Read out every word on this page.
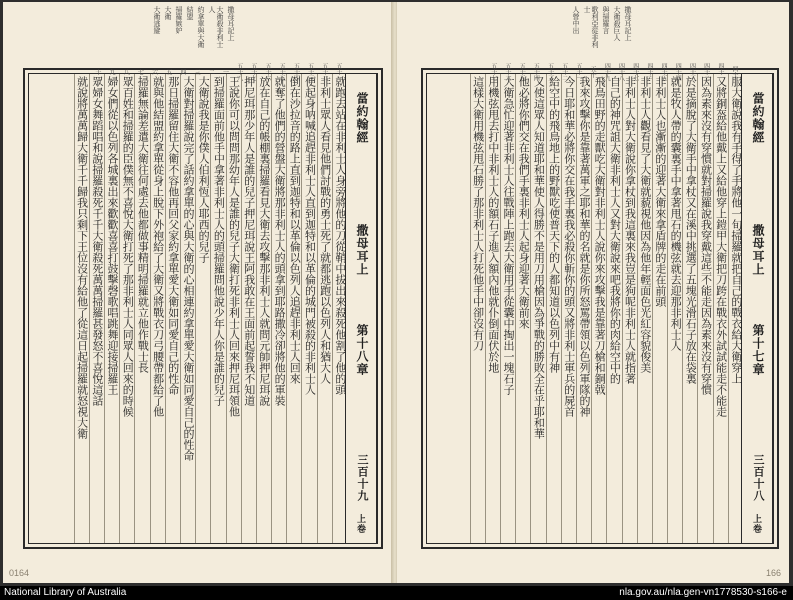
撒母耳記上
大衛殺非利士人
約拿單與大衛
結盟
掃羅嫉妒
大衛
大衛逃避
五十一
五十二
五十三
五十四
五十五
五十六
五十七
五十八
一
二
三
四
五
六
七
八
九
十
當約翰經
撒母耳上
第十八章
三百十九
上卷
就跑去站在非利士人身旁將他的刀從鞘中拔出來殺死他割了他的頭
非利士眾人看見他們討戰的勇士死了就都逃跑以色列人和猶大人
便起身呐喊追趕非利士人直到迦特和以革倫的城門被殺的非利士人
倒在沙拉音的路上直到迦特和以革倫以色列人追趕非利士人回來
就奪了他們的營盤大衛將那非利士人的頭拿到耶路撒冷卻將他的軍裝
放在自己的帳棚裏掃羅看見大衛去攻擊那非利士人就問元帥押尼珥說
押尼珥那少年人是誰的兒子押尼珥說王阿我敢在王面前起誓我不知道
王說你可以問問那幼年人是誰的兒子大衛打死非利士人回來押尼珥領他
到掃羅面前他手中拿著非利士人的頭掃羅問他說少年人你是誰的兒子
大衛說我是你僕人伯利恆人耶西的兒子
大衛對掃羅說完了話約拿單的心與大衛的心相連約拿單愛大衛如同愛自己的性命
那日掃羅留住大衛不容他再回父家約拿單愛大衛如同愛自己的性命
就與他結盟約拿單從身上脫下外袍給了大衛又將戰衣刀弓腰帶都給了他
掃羅無論差遣大衛往何處去他都做事精明掃羅就立他作戰士長
眾百姓和掃羅的臣僕無不喜悅大衛打死了那非利士人同眾人回來的時候
婦女們從以色列各城裏出來歡歡喜喜打鼓擊磬歌唱跳舞迎接掃羅王
眾婦女舞蹈唱和說掃羅殺死千千大衛殺死萬萬掃羅甚發怒不喜悅這話
就說將萬萬歸大衛千千歸我只剩下王位沒有給他了從這日起掃羅就怒視大衛
0164
撒母耳記上
大衛殺巨人
與掃羅言
歌利亞從非利士
人營中出
四十
四十一
四十二
四十三
四十四
四十五
四十六
四十七
四十八
四十九
五十
五十一
五十二
五十三
五十四
五十五
五十六
五十七
當約翰經
撒母耳上
第十七章
三百十八
上卷
服大衛說我有手得了手將他一旬掃羅就把自己的戰衣給大衛穿上
又將銅盔給他戴上又給他穿上鎧甲大衛把刀跨在戰衣外試試能走不能走
因為素來沒有穿慣就對掃羅說我穿戴這些不能走因為素來沒有穿慣
於是摘脫了大衛手中拿杖又在溪中挑選了五塊光滑石子放在袋裏
就是牧人帶的囊裏手中拿著甩石的機弦就去迎那非利士人
非利士人也漸漸的迎著大衛來拿盾牌的走在前頭
非利士人觀看見了大衛就藐視他因為他年輕面色光紅容貌俊美
非利士人對大衛說你拿杖到我這裏來我豈是狗呢非利士人就指著
自己的神咒詛大衛非利士人又對大衛說來吧我將你的肉給空中的
飛鳥田野的走獸吃大衛對非利士人說你來攻擊我是靠著刀槍和銅戟
我來攻擊你是靠著萬軍之耶和華的名就是你所怒罵帶領以色列軍隊的神
今日耶和華必將你交在我手裏我必殺你斬你的頭又將非利士軍兵的屍首
給空中的飛鳥地上的野獸吃使普天下的人都知道以色列中有神
又使這眾人知道耶和華使人得勝不是用刀用槍因為爭戰的勝敗全在乎耶和華
他必將你們交在我們手裏非利士人起身迎著大衛前來
大衛急忙迎著非利士人往戰陣上跑去大衛用手從囊中掏出一塊石子
用機弦甩去打中非利士人的額石子進入額內他就仆倒面伏於地
這樣大衛用機弦甩石勝了那非利士人打死他手中卻沒有刀
166
National Library of Australia	nla.gov.au/nla.gen-vn1778530-s166-e
